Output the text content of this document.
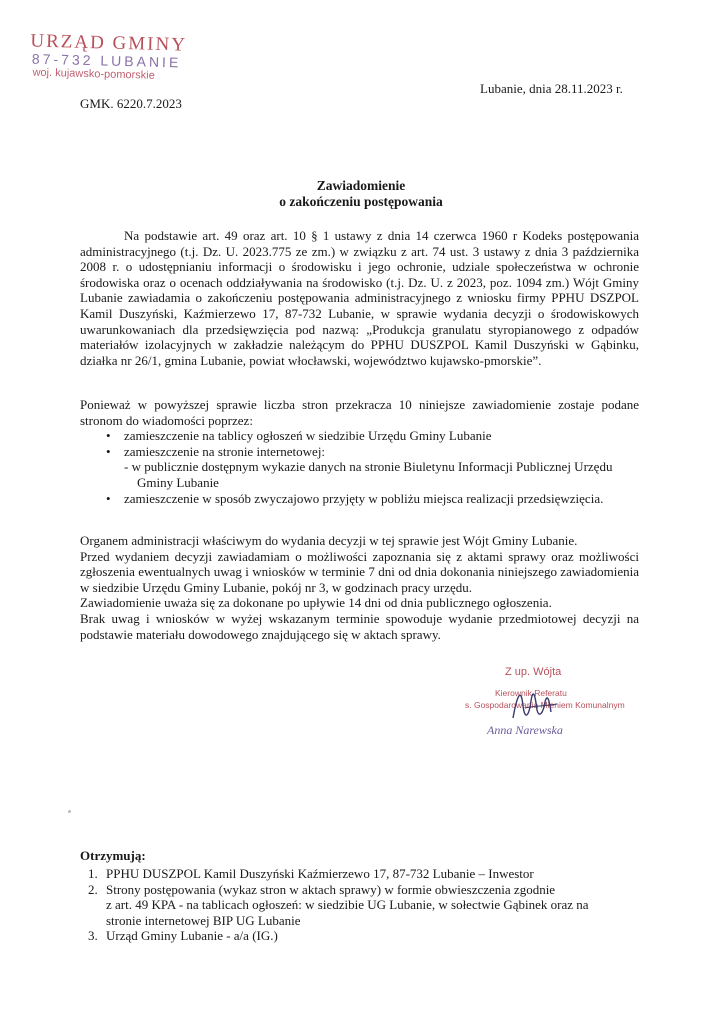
URZĄD GMINY
87-732 LUBANIE
woj. kujawsko-pomorskie
Lubanie, dnia 28.11.2023 r.
GMK. 6220.7.2023
Zawiadomienie
o zakończeniu postępowania

Na podstawie art. 49 oraz art. 10 § 1 ustawy z dnia 14 czerwca 1960 r Kodeks postępowania administracyjnego (t.j. Dz. U. 2023.775 ze zm.) w związku z art. 74 ust. 3 ustawy z dnia 3 października 2008 r. o udostępnianiu informacji o środowisku i jego ochronie, udziale społeczeństwa w ochronie środowiska oraz o ocenach oddziaływania na środowisko (t.j. Dz. U. z 2023, poz. 1094 zm.) Wójt Gminy Lubanie zawiadamia o zakończeniu postępowania administracyjnego z wniosku firmy PPHU DSZPOL Kamil Duszyński, Kaźmierzewo 17, 87-732 Lubanie, w sprawie wydania decyzji o środowiskowych uwarunkowaniach dla przedsięwzięcia pod nazwą: „Produkcja granulatu styropianowego z odpadów materiałów izolacyjnych w zakładzie należącym do PPHU DUSZPOL Kamil Duszyński w Gąbinku, działka nr 26/1, gmina Lubanie, powiat włocławski, województwo kujawsko-pmorskie”.

Ponieważ w powyższej sprawie liczba stron przekracza 10 niniejsze zawiadomienie zostaje podane stronom do wiadomości poprzez:

• zamieszczenie na tablicy ogłoszeń w siedzibie Urzędu Gminy Lubanie
• zamieszczenie na stronie internetowej:
- w publicznie dostępnym wykazie danych na stronie Biuletynu Informacji Publicznej Urzędu
Gminy Lubanie
• zamieszczenie w sposób zwyczajowo przyjęty w pobliżu miejsca realizacji przedsięwzięcia.

Organem administracji właściwym do wydania decyzji w tej sprawie jest Wójt Gminy Lubanie.

Przed wydaniem decyzji zawiadamiam o możliwości zapoznania się z aktami sprawy oraz możliwości zgłoszenia ewentualnych uwag i wniosków w terminie 7 dni od dnia dokonania niniejszego zawiadomienia w siedzibie Urzędu Gminy Lubanie, pokój nr 3, w godzinach pracy urzędu.

Zawiadomienie uważa się za dokonane po upływie 14 dni od dnia publicznego ogłoszenia.

Brak uwag i wniosków w wyżej wskazanym terminie spowoduje wydanie przedmiotowej decyzji na podstawie materiału dowodowego znajdującego się w aktach sprawy.

Z up. Wójta
Kierownik Referatu
s. Gospodarowania Mieniem Komunalnym
Anna Narewska
Otrzymują:
1. PPHU DUSZPOL Kamil Duszyński Kaźmierzewo 17, 87-732 Lubanie – Inwestor
2. Strony postępowania (wykaz stron w aktach sprawy) w formie obwieszczenia zgodnie
z art. 49 KPA - na tablicach ogłoszeń: w siedzibie UG Lubanie, w sołectwie Gąbinek oraz na
stronie internetowej BIP UG Lubanie
3. Urząd Gminy Lubanie - a/a (IG.)
